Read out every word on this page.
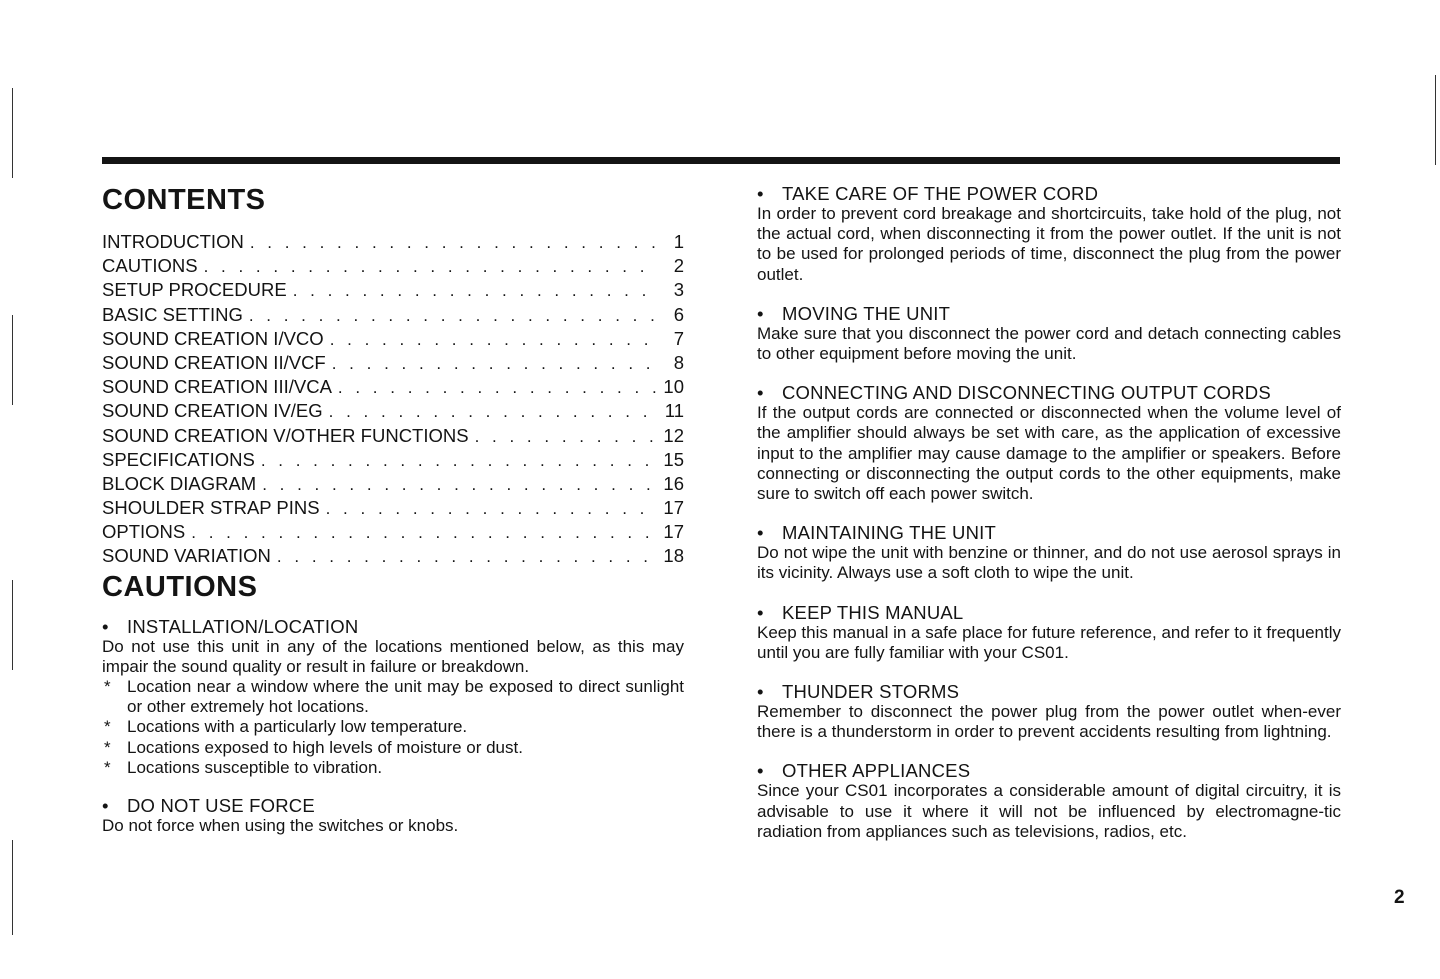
CONTENTS
INTRODUCTION . . .	1
CAUTIONS . . .	2
SETUP PROCEDURE . . .	3
BASIC SETTING . . .	6
SOUND CREATION I/VCO . . .	7
SOUND CREATION II/VCF . . .	8
SOUND CREATION III/VCA . . .	10
SOUND CREATION IV/EG . . .	11
SOUND CREATION V/OTHER FUNCTIONS . . .	12
SPECIFICATIONS . . .	15
BLOCK DIAGRAM . . .	16
SHOULDER STRAP PINS . . .	17
OPTIONS . . .	17
SOUND VARIATION . . .	18
CAUTIONS
• INSTALLATION/LOCATION

Do not use this unit in any of the locations mentioned below, as this may impair the sound quality or result in failure or breakdown.

* Location near a window where the unit may be exposed to direct sunlight or other extremely hot locations.
* Locations with a particularly low temperature.
* Locations exposed to high levels of moisture or dust.
* Locations susceptible to vibration.
• DO NOT USE FORCE

Do not force when using the switches or knobs.

• TAKE CARE OF THE POWER CORD

In order to prevent cord breakage and shortcircuits, take hold of the plug, not the actual cord, when disconnecting it from the power outlet. If the unit is not to be used for prolonged periods of time, disconnect the plug from the power outlet.

• MOVING THE UNIT

Make sure that you disconnect the power cord and detach connecting cables to other equipment before moving the unit.

• CONNECTING AND DISCONNECTING OUTPUT CORDS

If the output cords are connected or disconnected when the volume level of the amplifier should always be set with care, as the application of excessive input to the amplifier may cause damage to the amplifier or speakers. Before connecting or disconnecting the output cords to the other equipments, make sure to switch off each power switch.

• MAINTAINING THE UNIT

Do not wipe the unit with benzine or thinner, and do not use aerosol sprays in its vicinity. Always use a soft cloth to wipe the unit.

• KEEP THIS MANUAL

Keep this manual in a safe place for future reference, and refer to it frequently until you are fully familiar with your CS01.

• THUNDER STORMS

Remember to disconnect the power plug from the power outlet when-ever there is a thunderstorm in order to prevent accidents resulting from lightning.

• OTHER APPLIANCES

Since your CS01 incorporates a considerable amount of digital circuitry, it is advisable to use it where it will not be influenced by electromagne-tic radiation from appliances such as televisions, radios, etc.

2
